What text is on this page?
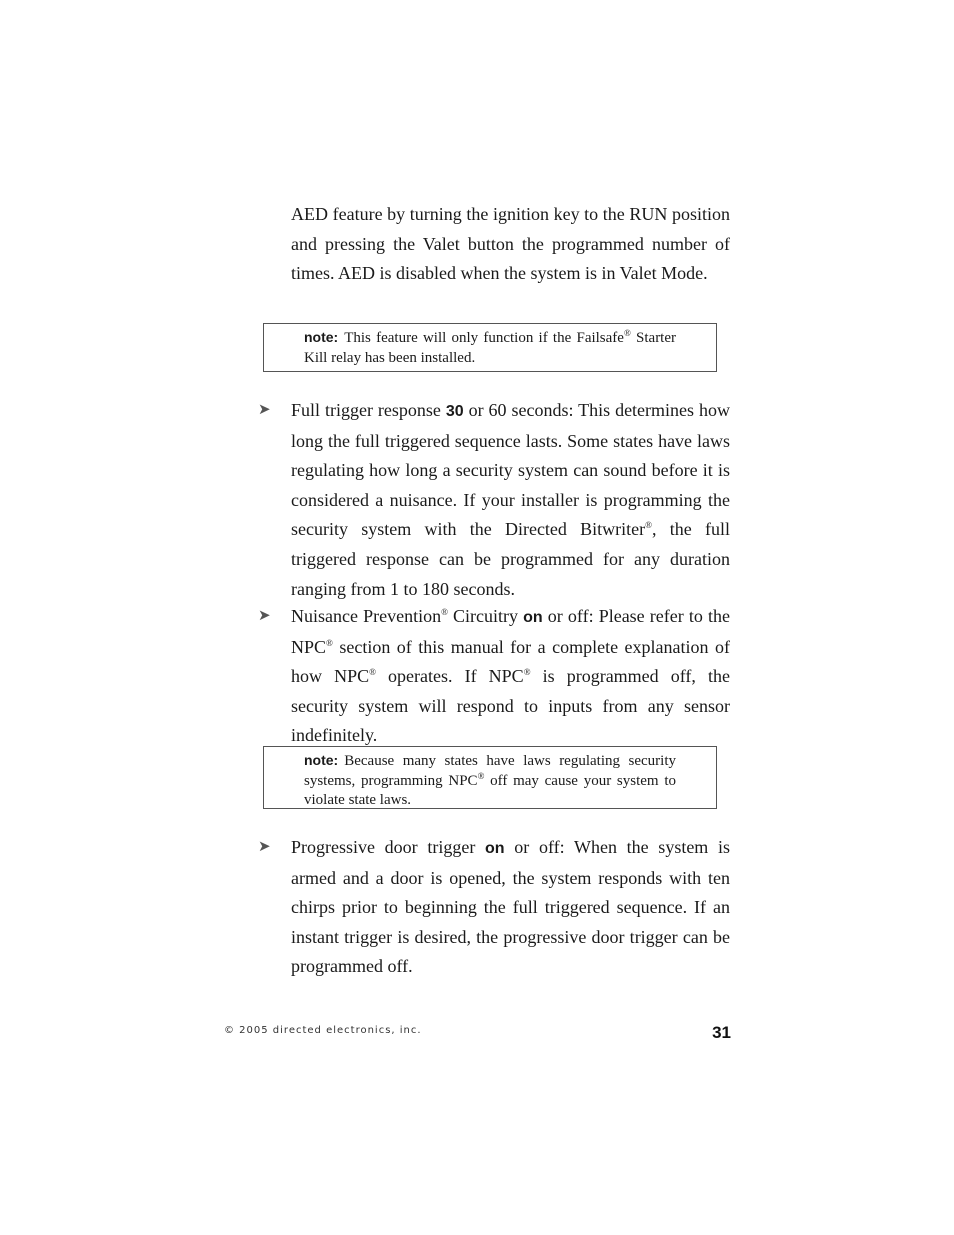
AED feature by turning the ignition key to the RUN position and pressing the Valet button the programmed number of times. AED is disabled when the system is in Valet Mode.

note: This feature will only function if the Failsafe® Starter Kill relay has been installed.
➤ Full trigger response 30 or 60 seconds: This determines how long the full triggered sequence lasts. Some states have laws regulating how long a security system can sound before it is considered a nuisance. If your installer is programming the security system with the Directed Bitwriter®, the full triggered response can be programmed for any duration ranging from 1 to 180 seconds.
➤ Nuisance Prevention® Circuitry on or off: Please refer to the NPC® section of this manual for a complete explanation of how NPC® operates. If NPC® is programmed off, the security system will respond to inputs from any sensor indefinitely.
note: Because many states have laws regulating security systems, programming NPC® off may cause your system to violate state laws.
➤ Progressive door trigger on or off: When the system is armed and a door is opened, the system responds with ten chirps prior to beginning the full triggered sequence. If an instant trigger is desired, the progressive door trigger can be programmed off.
© 2005 directed electronics, inc.	31
